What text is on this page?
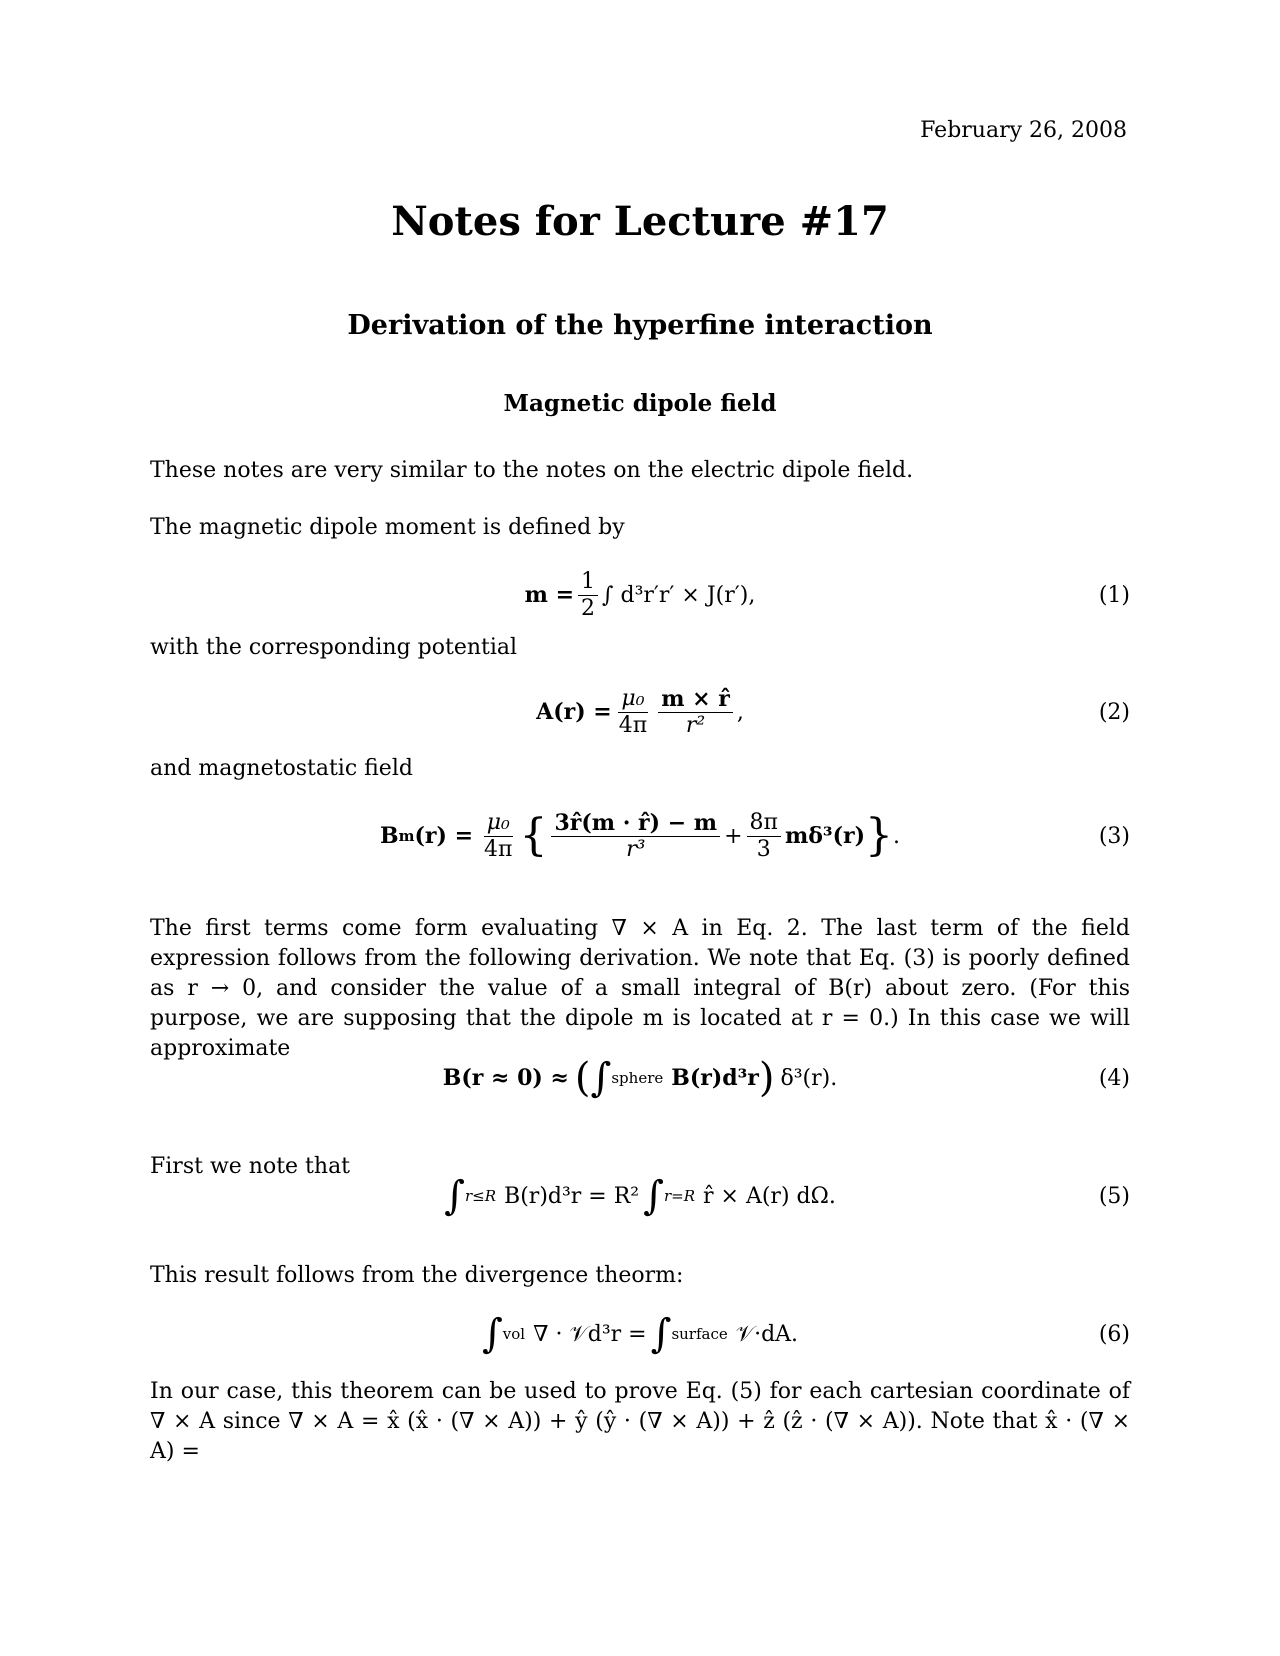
February 26, 2008
Notes for Lecture #17
Derivation of the hyperfine interaction
Magnetic dipole field
These notes are very similar to the notes on the electric dipole field.
The magnetic dipole moment is defined by
$m = \frac{1}{2}$ ∫ d³r′r′ × J(r′),	(1)
with the corresponding potential
$A(r) = \frac{\text{μ₀}}{4\pi} \frac{m \times r̂}{\text{r²}}$ ,	(2)
and magnetostatic field
B m $(r) = \frac{\text{μ₀}}{4\pi}$ { $\frac{3r̂(m \cdot r̂) - m}{\text{r³}} + \frac{8\pi}{3} m\delta^3(r)$ } .	(3)
The first terms come form evaluating ∇ × A in Eq. 2. The last term of the field expression follows from the following derivation. We note that Eq. (3) is poorly defined as r → 0, and consider the value of a small integral of B(r) about zero. (For this purpose, we are supposing that the dipole m is located at r = 0.) In this case we will approximate
B(r ≈ 0) ≈ ( ∫ sphere B(r)d³r ) δ³(r).	(4)
First we note that
∫ r≤R B(r)d³r = R² ∫ r=R r̂ × A(r) dΩ.	(5)
This result follows from the divergence theorm:
∫ vol ∇ · 𝒱d³r = ∫ surface 𝒱·dA.	(6)
In our case, this theorem can be used to prove Eq. (5) for each cartesian coordinate of ∇ × A since ∇ × A = x̂ (x̂ · (∇ × A)) + ŷ (ŷ · (∇ × A)) + ẑ (ẑ · (∇ × A)). Note that x̂ · (∇ × A) =
